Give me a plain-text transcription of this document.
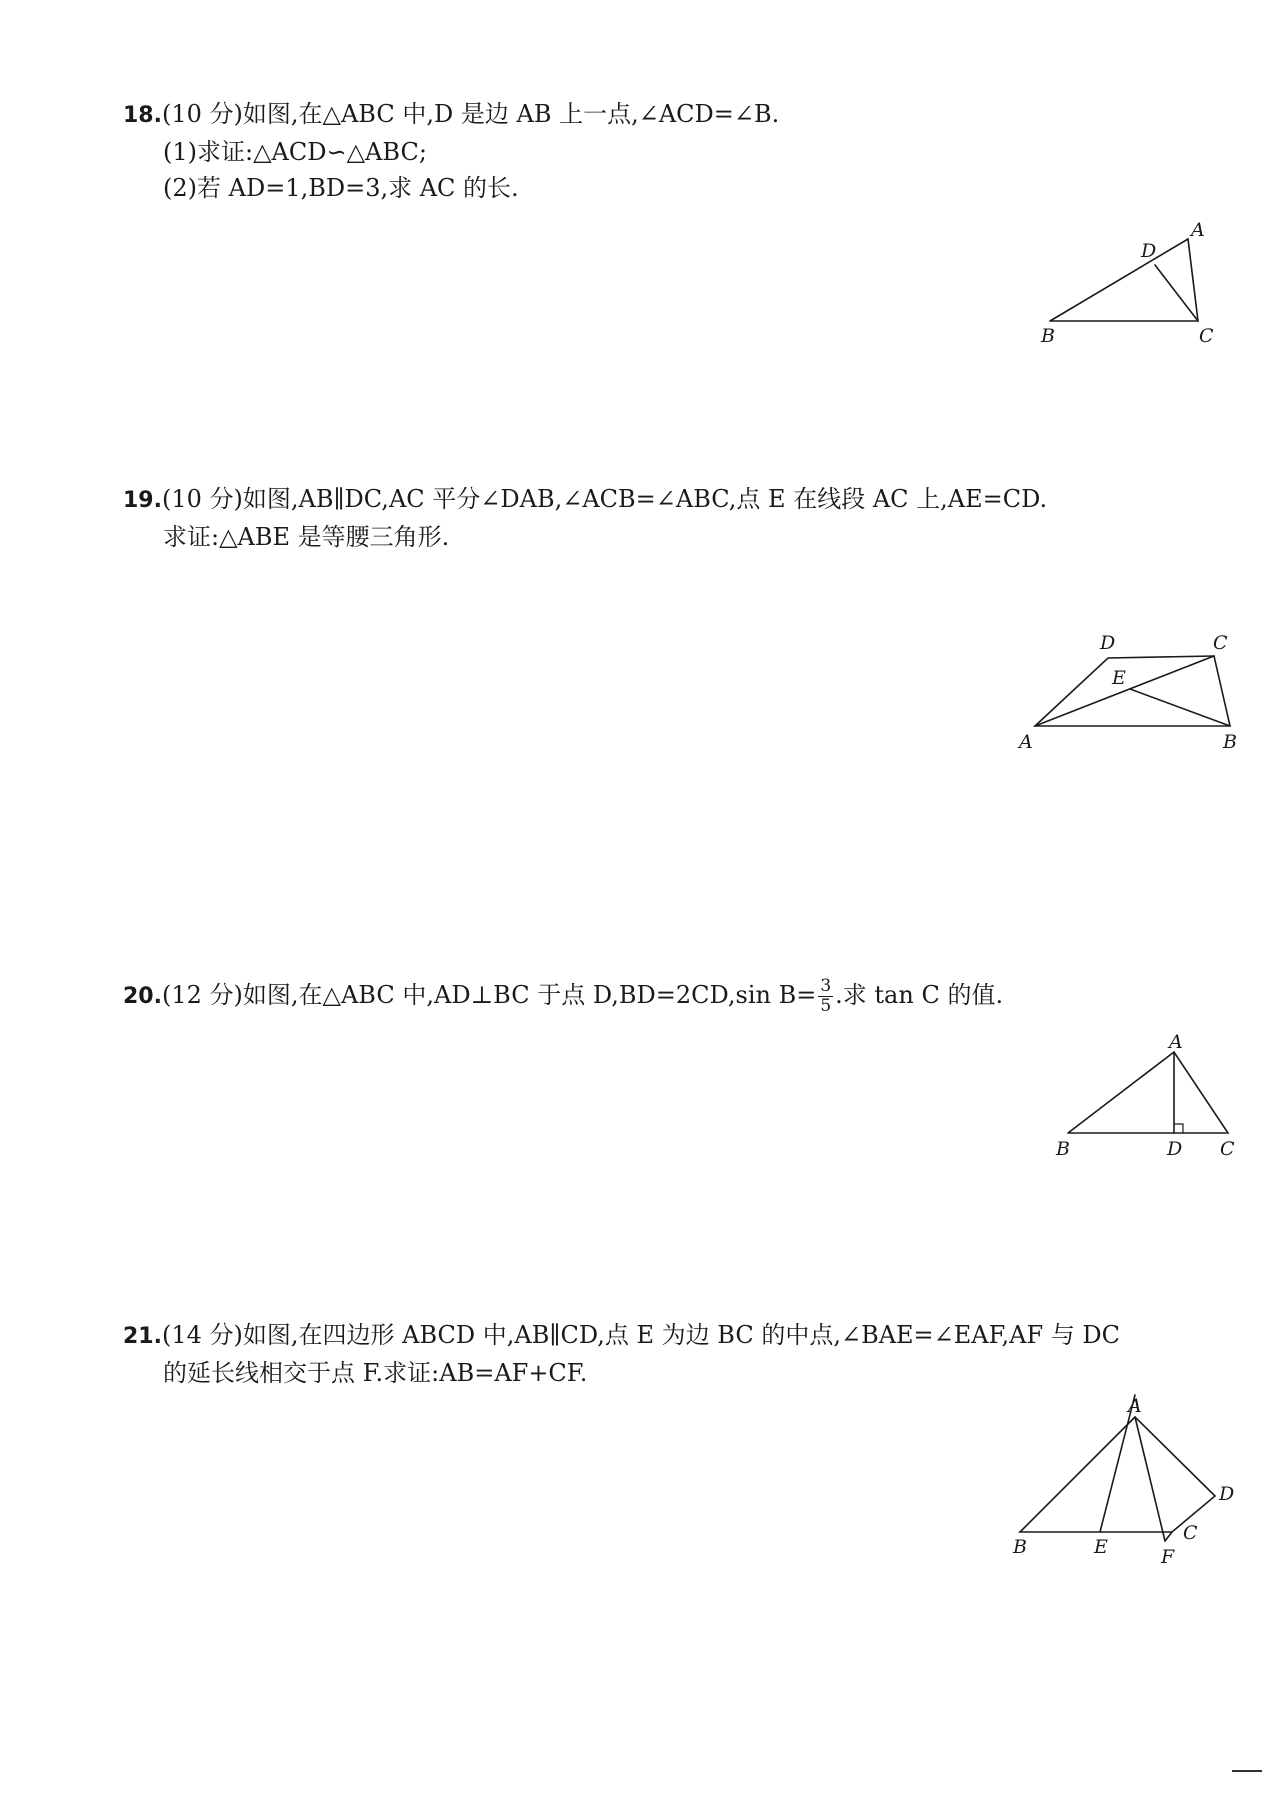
18.(10 分)如图,在△ABC 中,D 是边 AB 上一点,∠ACD=∠B.

(1)求证:△ACD∽△ABC;

(2)若 AD=1,BD=3,求 AC 的长.

A
D
B	C

19.(10 分)如图,AB∥DC,AC 平分∠DAB,∠ACB=∠ABC,点 E 在线段 AC 上,AE=CD.

求证:△ABE 是等腰三角形.

D	C
E
A	B

20.(12 分)如图,在△ABC 中,AD⊥BC 于点 D,BD=2CD,sin $B= \frac{3}{5}$ .求 tan C 的值.

A
B	D C

21.(14 分)如图,在四边形 ABCD 中,AB∥CD,点 E 为边 BC 的中点,∠BAE=∠EAF,AF 与 DC

的延长线相交于点 F.求证:AB=AF+CF.

A
D
C
B	E	F
